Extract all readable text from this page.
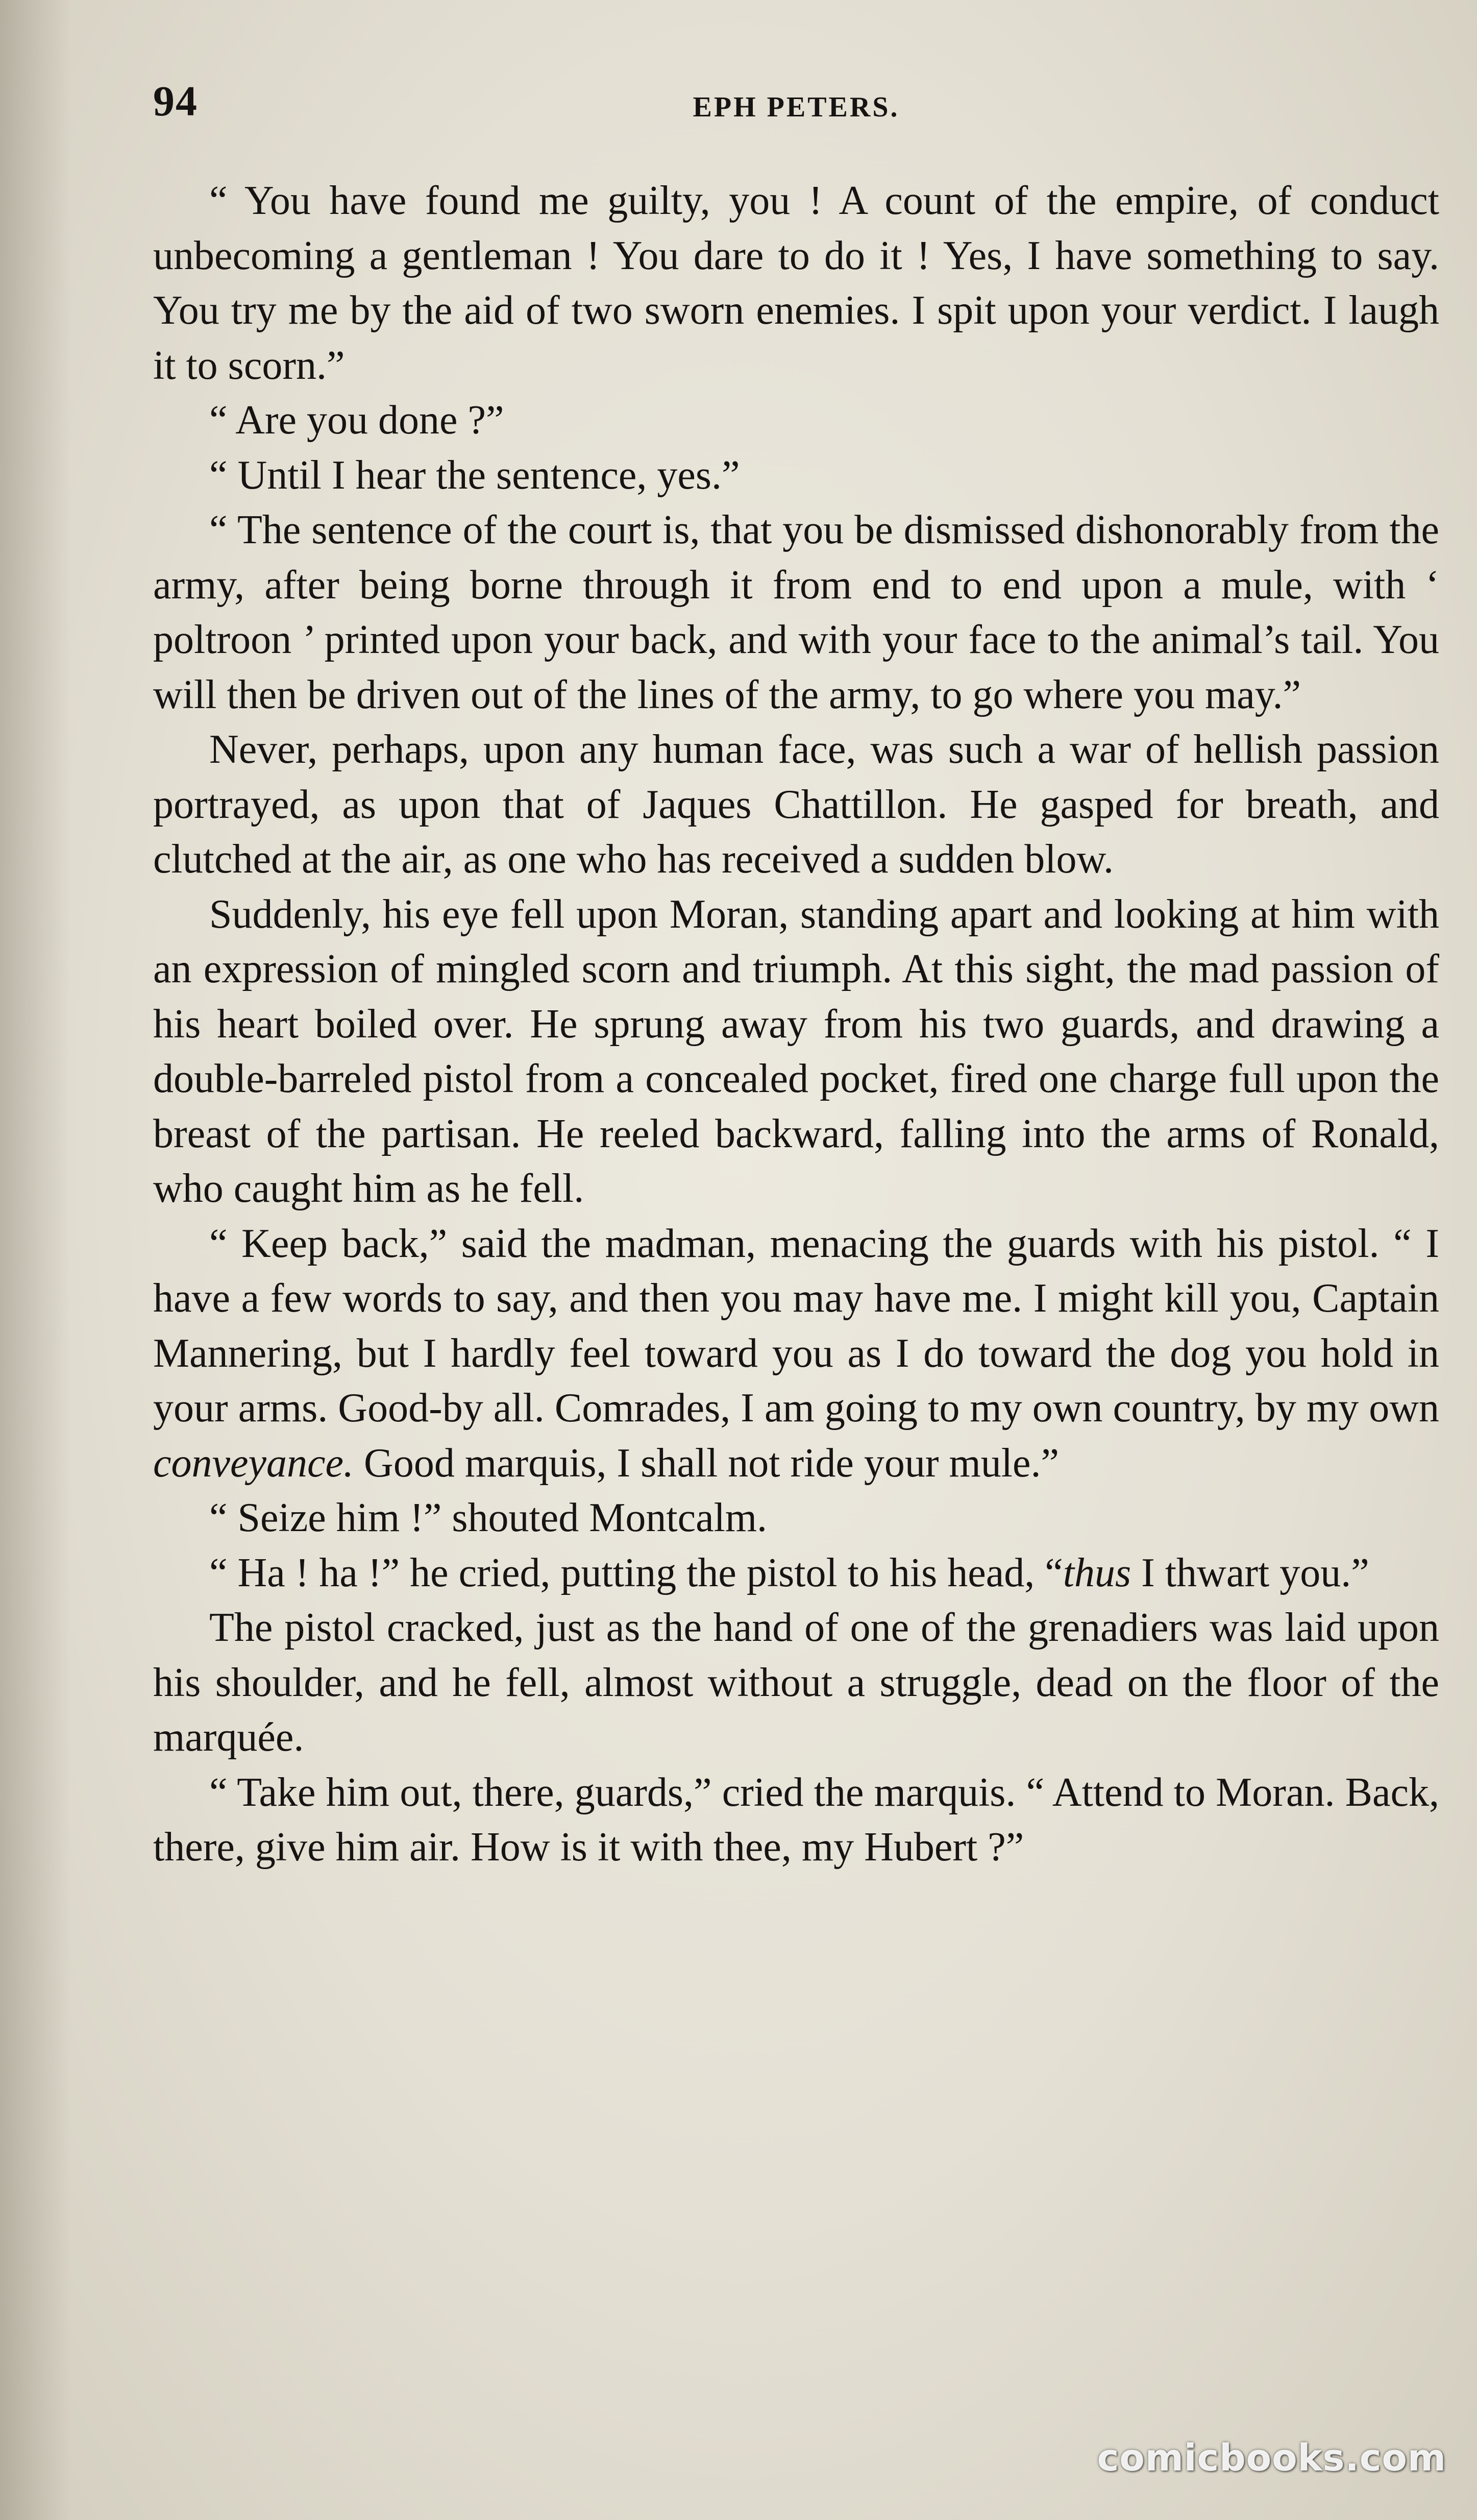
94	EPH PETERS.

“ You have found me guilty, you ! A count of the empire, of conduct unbecoming a gentleman ! You dare to do it ! Yes, I have something to say. You try me by the aid of two sworn enemies. I spit upon your verdict. I laugh it to scorn.”

“ Are you done ?”

“ Until I hear the sentence, yes.”

“ The sentence of the court is, that you be dismissed dishonorably from the army, after being borne through it from end to end upon a mule, with ‘ poltroon ’ printed upon your back, and with your face to the animal’s tail. You will then be driven out of the lines of the army, to go where you may.”

Never, perhaps, upon any human face, was such a war of hellish passion portrayed, as upon that of Jaques Chattillon. He gasped for breath, and clutched at the air, as one who has received a sudden blow.

Suddenly, his eye fell upon Moran, standing apart and looking at him with an expression of mingled scorn and triumph. At this sight, the mad passion of his heart boiled over. He sprung away from his two guards, and drawing a double-barreled pistol from a concealed pocket, fired one charge full upon the breast of the partisan. He reeled backward, falling into the arms of Ronald, who caught him as he fell.

“ Keep back,” said the madman, menacing the guards with his pistol. “ I have a few words to say, and then you may have me. I might kill you, Captain Mannering, but I hardly feel toward you as I do toward the dog you hold in your arms. Good-by all. Comrades, I am going to my own country, by my own conveyance. Good marquis, I shall not ride your mule.”

“ Seize him !” shouted Montcalm.

“ Ha ! ha !” he cried, putting the pistol to his head, “thus I thwart you.”

The pistol cracked, just as the hand of one of the grenadiers was laid upon his shoulder, and he fell, almost without a struggle, dead on the floor of the marquée.

“ Take him out, there, guards,” cried the marquis. “ Attend to Moran. Back, there, give him air. How is it with thee, my Hubert ?”

comicbooks.com
